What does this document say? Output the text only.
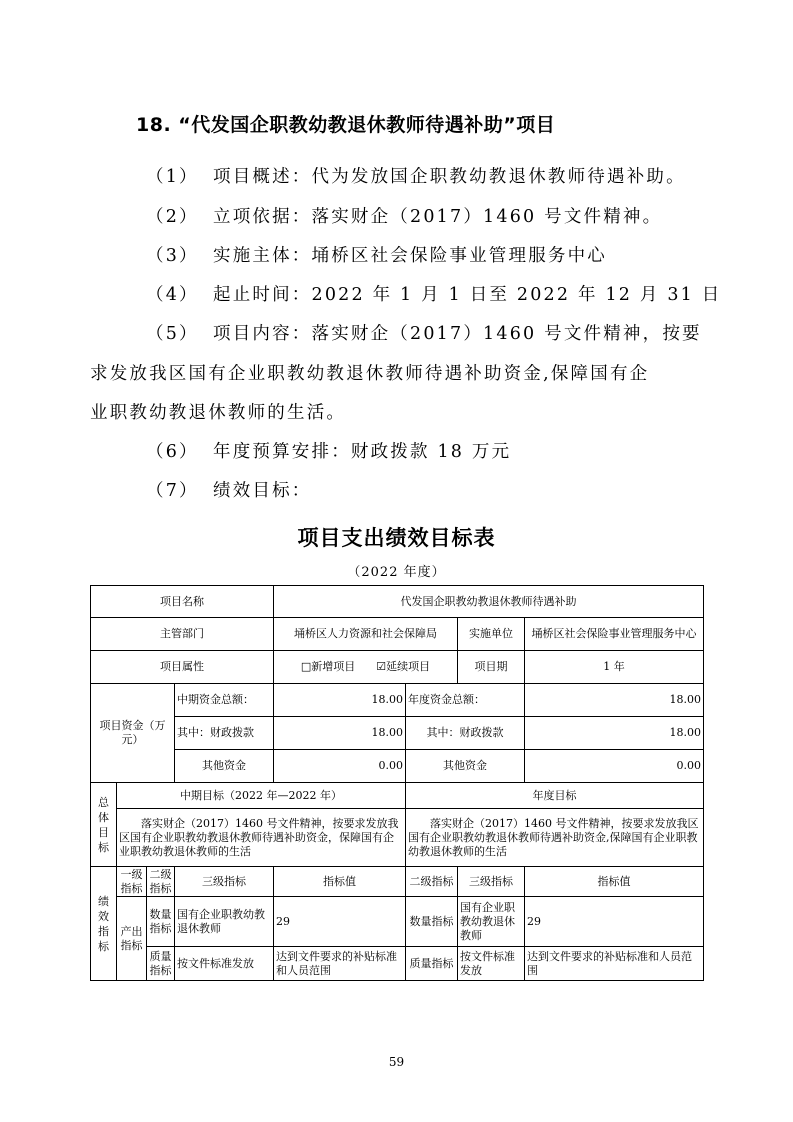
18. “代发国企职教幼教退休教师待遇补助”项目
（1） 项目概述：代为发放国企职教幼教退休教师待遇补助。
（2） 立项依据：落实财企（2017）1460 号文件精神。
（3） 实施主体：埇桥区社会保险事业管理服务中心
（4） 起止时间：2022 年 1 月 1 日至 2022 年 12 月 31 日
（5） 项目内容：落实财企（2017）1460 号文件精神，按要
求发放我区国有企业职教幼教退休教师待遇补助资金,保障国有企
业职教幼教退休教师的生活。
（6） 年度预算安排：财政拨款 18 万元
（7） 绩效目标：
项目支出绩效目标表
（2022 年度）
项目名称				代发国企职教幼教退休教师待遇补助			
主管部门				埇桥区人力资源和社会保障局		实施单位	埇桥区社会保险事业管理服务中心
项目属性				□新增项目 ☑延续项目		项目期	1 年
项目资金（万元）			中期资金总额：	18.00	年度资金总额：		18.00
			其中：财政拨款	18.00	其中：财政拨款		18.00
			其他资金	0.00	其他资金		0.00
总体目标	中期目标（2022 年—2022 年）				年度目标		
	落实财企（2017）1460 号文件精神，按要求发放我区国有企业职教幼教退休教师待遇补助资金，保障国有企业职教幼教退休教师的生活				落实财企（2017）1460 号文件精神，按要求发放我区国有企业职教幼教退休教师待遇补助资金,保障国有企业职教幼教退休教师的生活		
绩效指标	一级指标	二级指标	三级指标	指标值	二级指标	三级指标	指标值
	产出指标	数量指标	国有企业职教幼教退休教师	29	数量指标	国有企业职教幼教退休教师	29
		质量指标	按文件标准发放	达到文件要求的补贴标准和人员范围	质量指标	按文件标准发放	达到文件要求的补贴标准和人员范围
59
